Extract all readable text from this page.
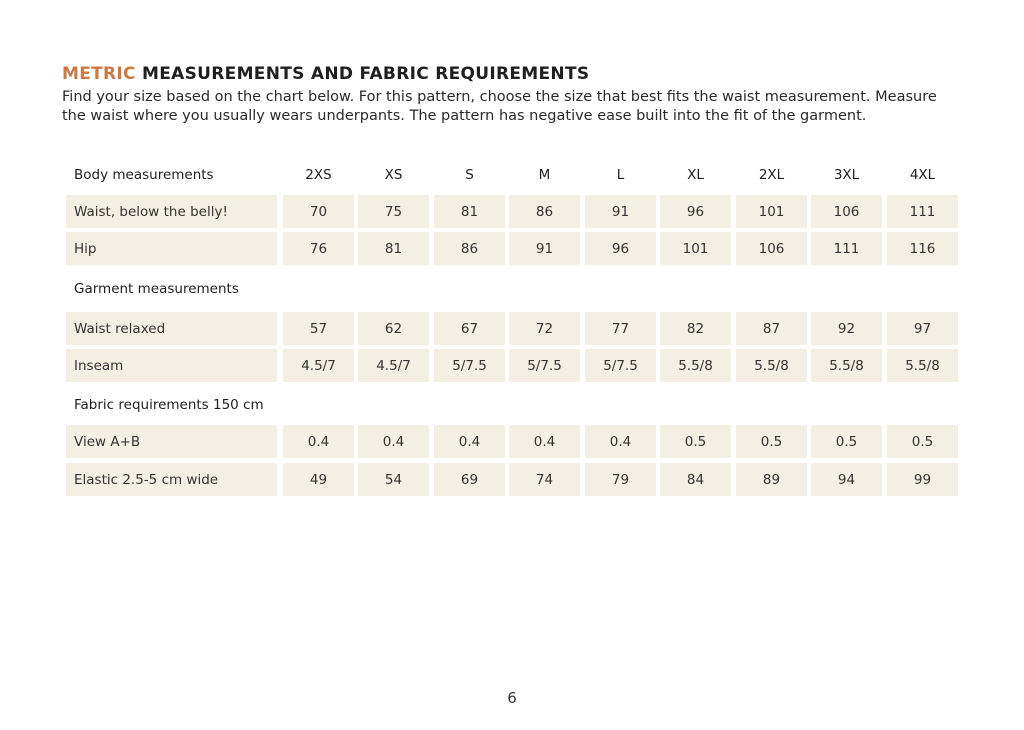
METRIC MEASUREMENTS AND FABRIC REQUIREMENTS
Find your size based on the chart below. For this pattern, choose the size that best fits the waist measurement. Measure the waist where you usually wears underpants. The pattern has negative ease built into the fit of the garment.
Body measurements	2XS	XS	S	M	L	XL	2XL	3XL	4XL
Waist, below the belly!	70	75	81	86	91	96	101	106	111
Hip	76	81	86	91	96	101	106	111	116
Garment measurements
Waist relaxed	57	62	67	72	77	82	87	92	97
Inseam	4.5/7	4.5/7	5/7.5	5/7.5	5/7.5	5.5/8	5.5/8	5.5/8	5.5/8
Fabric requirements 150 cm
View A+B	0.4	0.4	0.4	0.4	0.4	0.5	0.5	0.5	0.5
Elastic 2.5-5 cm wide	49	54	69	74	79	84	89	94	99
6
